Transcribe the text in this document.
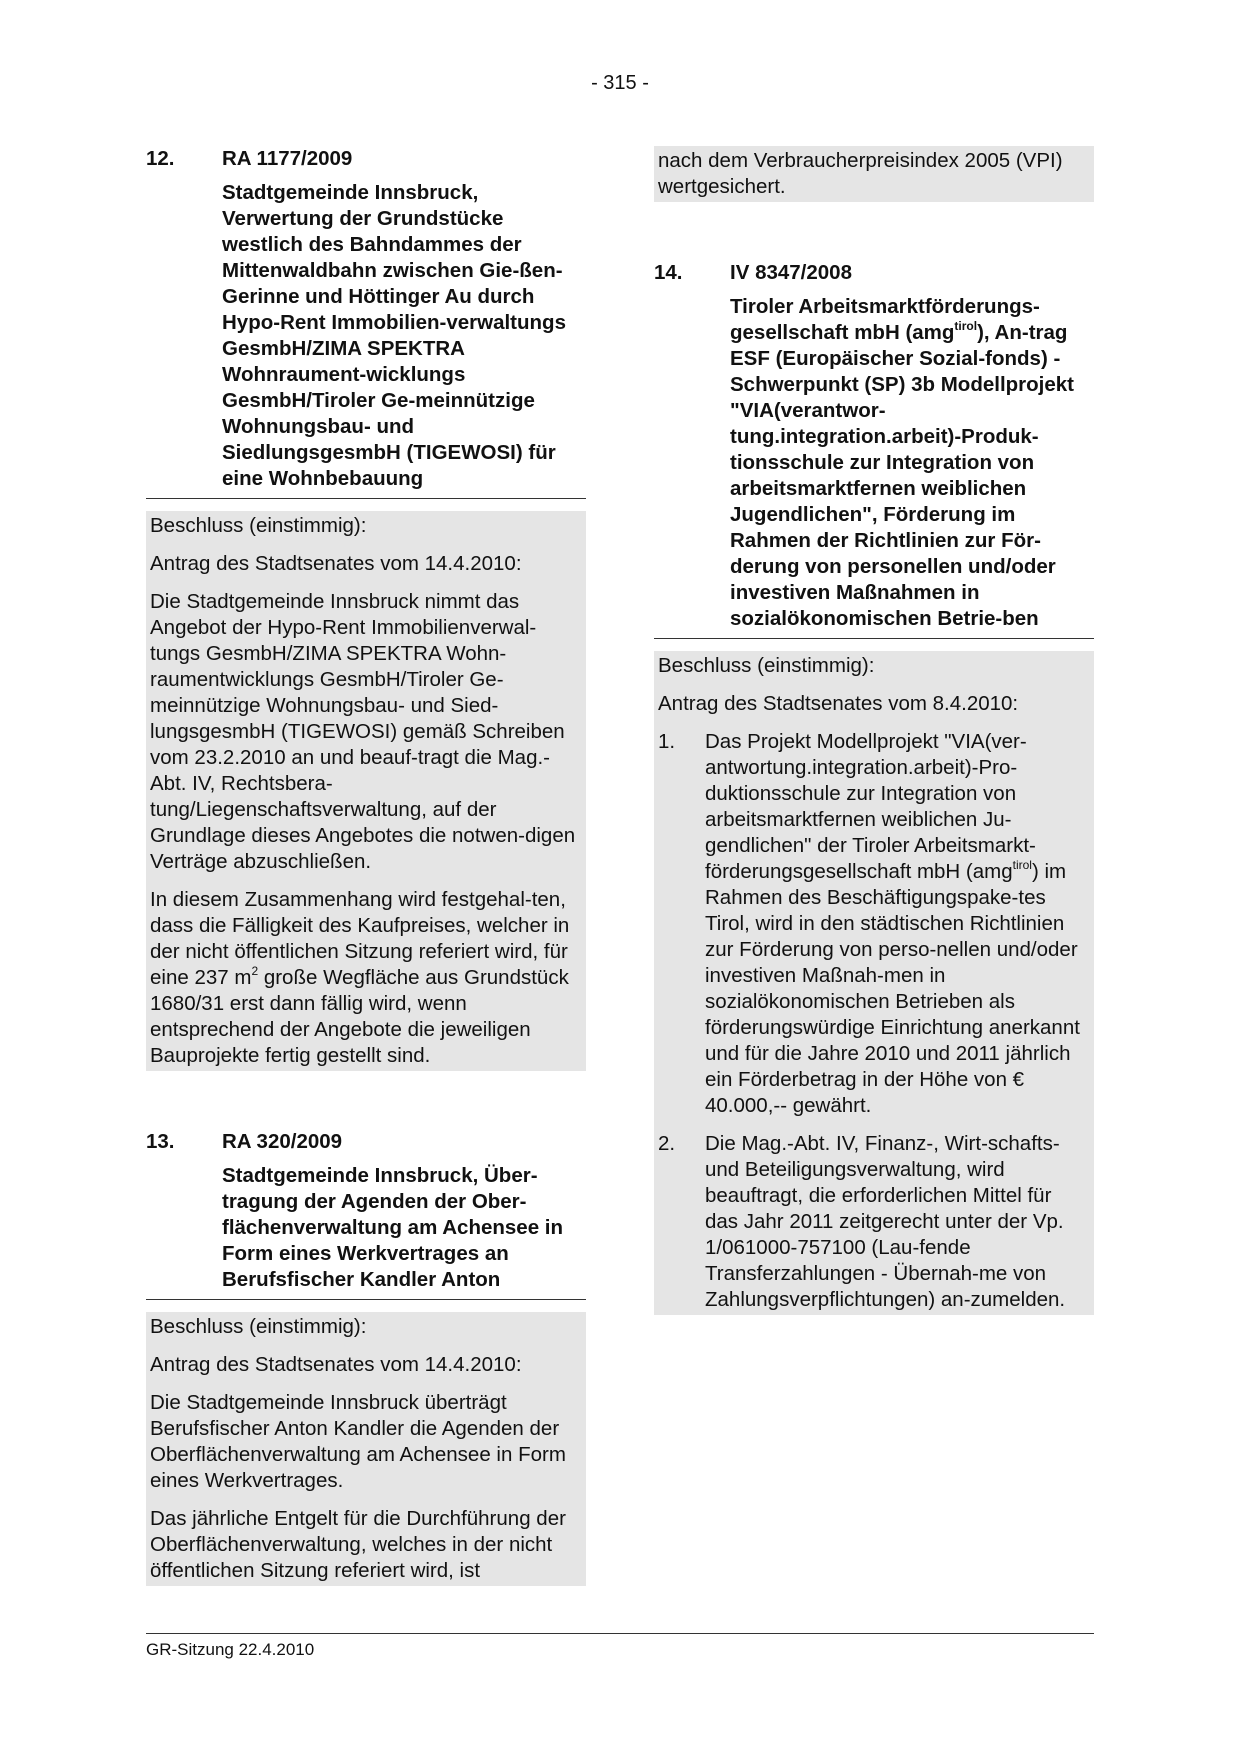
- 315 -
12.	RA 1177/2009
Stadtgemeinde Innsbruck, Verwertung der Grundstücke westlich des Bahndammes der Mittenwaldbahn zwischen Gie-ßen-Gerinne und Höttinger Au durch Hypo-Rent Immobilien-verwaltungs GesmbH/ZIMA SPEKTRA Wohnraument-wicklungs GesmbH/Tiroler Ge-meinnützige Wohnungsbau- und SiedlungsgesmbH (TIGEWOSI) für eine Wohnbebauung

Beschluss (einstimmig):

Antrag des Stadtsenates vom 14.4.2010:

Die Stadtgemeinde Innsbruck nimmt das Angebot der Hypo-Rent Immobilienverwal-tungs GesmbH/ZIMA SPEKTRA Wohn-raumentwicklungs GesmbH/Tiroler Ge-meinnützige Wohnungsbau- und Sied-lungsgesmbH (TIGEWOSI) gemäß Schreiben vom 23.2.2010 an und beauf-tragt die Mag.-Abt. IV, Rechtsbera-tung/Liegenschaftsverwaltung, auf der Grundlage dieses Angebotes die notwen-digen Verträge abzuschließen.

In diesem Zusammenhang wird festgehal-ten, dass die Fälligkeit des Kaufpreises, welcher in der nicht öffentlichen Sitzung referiert wird, für eine 237 $m^2$ große Wegfläche aus Grundstück 1680/31 erst dann fällig wird, wenn entsprechend der Angebote die jeweiligen Bauprojekte fertig gestellt sind.

13.	RA 320/2009
Stadtgemeinde Innsbruck, Über-tragung der Agenden der Ober-flächenverwaltung am Achensee in Form eines Werkvertrages an Berufsfischer Kandler Anton

Beschluss (einstimmig):

Antrag des Stadtsenates vom 14.4.2010:

Die Stadtgemeinde Innsbruck überträgt Berufsfischer Anton Kandler die Agenden der Oberflächenverwaltung am Achensee in Form eines Werkvertrages.

Das jährliche Entgelt für die Durchführung der Oberflächenverwaltung, welches in der nicht öffentlichen Sitzung referiert wird, ist

nach dem Verbraucherpreisindex 2005 (VPI) wertgesichert.

14.	IV 8347/2008
Tiroler Arbeitsmarktförderungs-gesellschaft mbH (amg$^{tirol}$), An-trag ESF (Europäischer Sozial-fonds) - Schwerpunkt (SP) 3b Modellprojekt "VIA(verantwor-tung.integration.arbeit)-Produk-tionsschule zur Integration von arbeitsmarktfernen weiblichen Jugendlichen", Förderung im Rahmen der Richtlinien zur För-derung von personellen und/oder investiven Maßnahmen in sozialökonomischen Betrie-ben

Beschluss (einstimmig):

Antrag des Stadtsenates vom 8.4.2010:

1.	Das Projekt Modellprojekt "VIA(ver-antwortung.integration.arbeit)-Pro-duktionsschule zur Integration von arbeitsmarktfernen weiblichen Ju-gendlichen" der Tiroler Arbeitsmarkt-förderungsgesellschaft mbH (amg$^{tirol}$) im Rahmen des Beschäftigungspake-tes Tirol, wird in den städtischen Richtlinien zur Förderung von perso-nellen und/oder investiven Maßnah-men in sozialökonomischen Betrieben als förderungswürdige Einrichtung anerkannt und für die Jahre 2010 und 2011 jährlich ein Förderbetrag in der Höhe von € 40.000,-- gewährt.
2.	Die Mag.-Abt. IV, Finanz-, Wirt-schafts- und Beteiligungsverwaltung, wird beauftragt, die erforderlichen Mittel für das Jahr 2011 zeitgerecht unter der Vp. 1/061000-757100 (Lau-fende Transferzahlungen - Übernah-me von Zahlungsverpflichtungen) an-zumelden.
GR-Sitzung 22.4.2010
